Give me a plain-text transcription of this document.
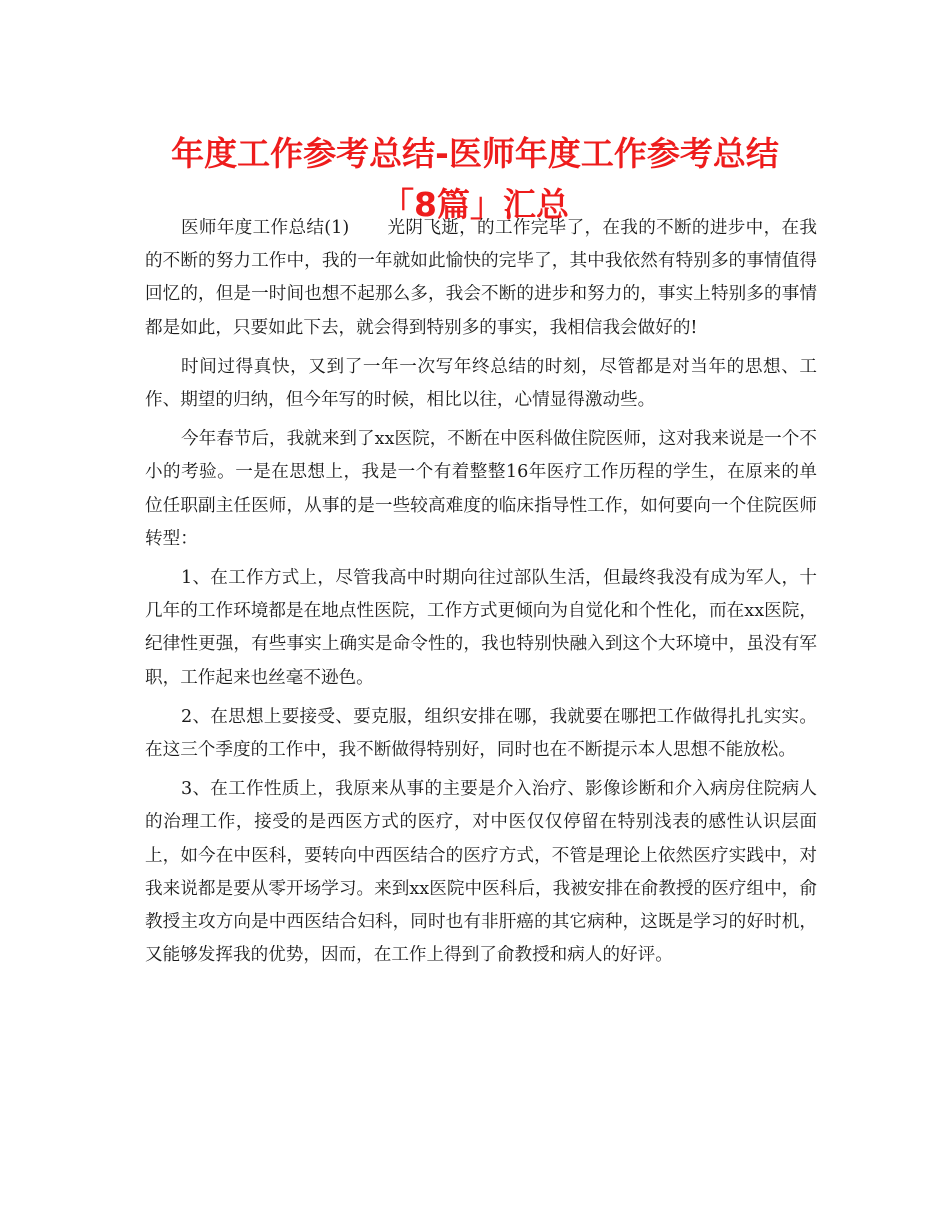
年度工作参考总结-医师年度工作参考总结「8篇」汇总

医师年度工作总结(1) 光阴飞逝，的工作完毕了，在我的不断的进步中，在我的不断的努力工作中，我的一年就如此愉快的完毕了，其中我依然有特别多的事情值得回忆的，但是一时间也想不起那么多，我会不断的进步和努力的，事实上特别多的事情都是如此，只要如此下去，就会得到特别多的事实，我相信我会做好的!

时间过得真快，又到了一年一次写年终总结的时刻，尽管都是对当年的思想、工作、期望的归纳，但今年写的时候，相比以往，心情显得激动些。

今年春节后，我就来到了xx医院，不断在中医科做住院医师，这对我来说是一个不小的考验。一是在思想上，我是一个有着整整16年医疗工作历程的学生，在原来的单位任职副主任医师，从事的是一些较高难度的临床指导性工作，如何要向一个住院医师转型：

1、在工作方式上，尽管我高中时期向往过部队生活，但最终我没有成为军人，十几年的工作环境都是在地点性医院，工作方式更倾向为自觉化和个性化，而在xx医院，纪律性更强，有些事实上确实是命令性的，我也特别快融入到这个大环境中，虽没有军职，工作起来也丝毫不逊色。

2、在思想上要接受、要克服，组织安排在哪，我就要在哪把工作做得扎扎实实。在这三个季度的工作中，我不断做得特别好，同时也在不断提示本人思想不能放松。

3、在工作性质上，我原来从事的主要是介入治疗、影像诊断和介入病房住院病人的治理工作，接受的是西医方式的医疗，对中医仅仅停留在特别浅表的感性认识层面上，如今在中医科，要转向中西医结合的医疗方式，不管是理论上依然医疗实践中，对我来说都是要从零开场学习。来到xx医院中医科后，我被安排在俞教授的医疗组中，俞教授主攻方向是中西医结合妇科，同时也有非肝癌的其它病种，这既是学习的好时机，又能够发挥我的优势，因而，在工作上得到了俞教授和病人的好评。
